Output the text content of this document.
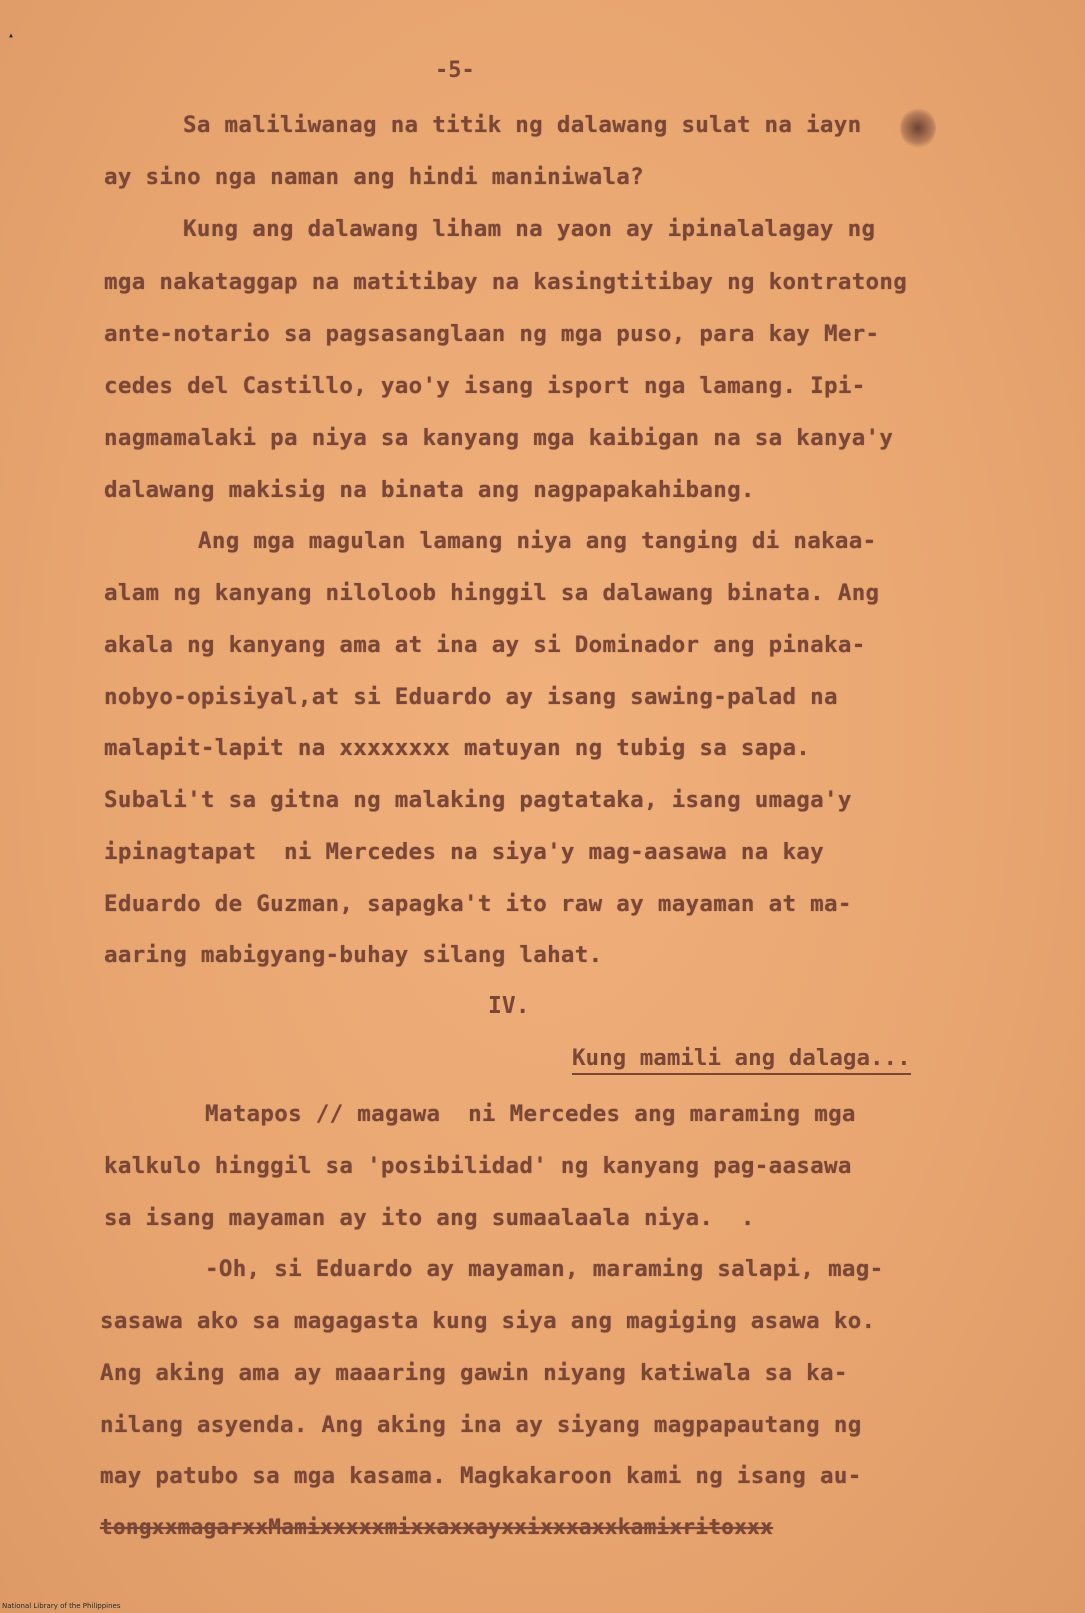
▴
-5-
Sa maliliwanag na titik ng dalawang sulat na iayn
ay sino nga naman ang hindi maniniwala?
Kung ang dalawang liham na yaon ay ipinalalagay ng
mga nakataggap na matitibay na kasingtitibay ng kontratong
ante-notario sa pagsasanglaan ng mga puso, para kay Mer-
cedes del Castillo, yao'y isang isport nga lamang. Ipi-
nagmamalaki pa niya sa kanyang mga kaibigan na sa kanya'y
dalawang makisig na binata ang nagpapakahibang.
Ang mga magulan lamang niya ang tanging di nakaa-
alam ng kanyang niloloob hinggil sa dalawang binata. Ang
akala ng kanyang ama at ina ay si Dominador ang pinaka-
nobyo-opisiyal,at si Eduardo ay isang sawing-palad na
malapit-lapit na xxxxxxxx matuyan ng tubig sa sapa.
Subali't sa gitna ng malaking pagtataka, isang umaga'y
ipinagtapat  ni Mercedes na siya'y mag-aasawa na kay
Eduardo de Guzman, sapagka't ito raw ay mayaman at ma-
aaring mabigyang-buhay silang lahat.
IV.
Kung mamili ang dalaga...
Matapos // magawa  ni Mercedes ang maraming mga
kalkulo hinggil sa 'posibilidad' ng kanyang pag-aasawa
sa isang mayaman ay ito ang sumaalaala niya.  .
-Oh, si Eduardo ay mayaman, maraming salapi, mag-
sasawa ako sa magagasta kung siya ang magiging asawa ko.
Ang aking ama ay maaaring gawin niyang katiwala sa ka-
nilang asyenda. Ang aking ina ay siyang magpapautang ng
may patubo sa mga kasama. Magkakaroon kami ng isang au-
tongxxmagarxxMamixxxxxmixxaxxayxxixxxaxxkamixritoxxx
National Library of the Philippines
